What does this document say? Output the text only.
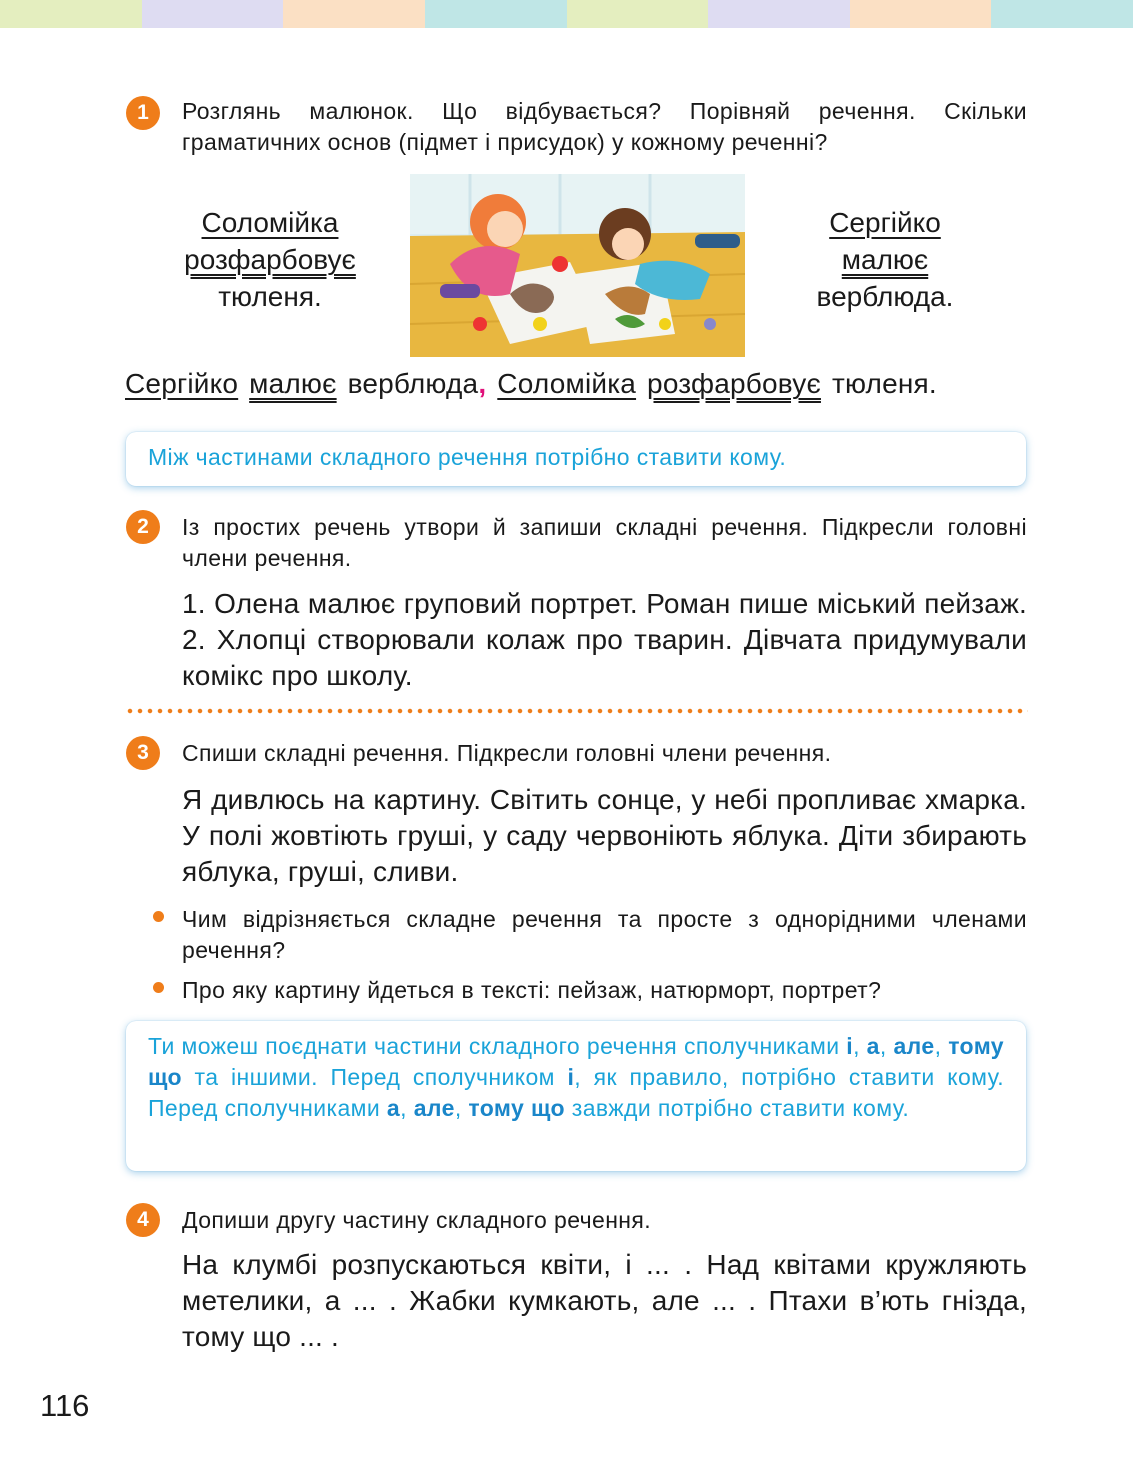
1	Розглянь малюнок. Що відбувається? Порівняй речення. Скільки граматичних основ (підмет і присудок) у кожному реченні?
Соломійка
розфарбовує
тюленя.
Сергійко
малює
верблюда.
Сергійко малює верблюда, Соломійка розфарбовує тюленя.
Між частинами складного речення потрібно ставити кому.
2	Із простих речень утвори й запиши складні речення. Підкресли головні члени речення.
1. Олена малює груповий портрет. Роман пише міський пейзаж. 2. Хлопці створювали колаж про тварин. Дівчата придумували комікс про школу.
3	Спиши складні речення. Підкресли головні члени речення.
Я дивлюсь на картину. Світить сонце, у небі пропливає хмарка. У полі жовтіють груші, у саду червоніють яблука. Діти збирають яблука, груші, сливи.
Чим відрізняється складне речення та просте з однорідними членами речення?
Про яку картину йдеться в тексті: пейзаж, натюрморт, портрет?
Ти можеш поєднати частини складного речення сполучниками і, а, але, тому що та іншими. Перед сполучником і, як правило, потрібно ставити кому. Перед сполучниками а, але, тому що завжди потрібно ставити кому.
4	Допиши другу частину складного речення.
На клумбі розпускаються квіти, і ... . Над квітами кружляють метелики, а ... . Жабки кумкають, але ... . Птахи в’ють гнізда, тому що ... .
116
